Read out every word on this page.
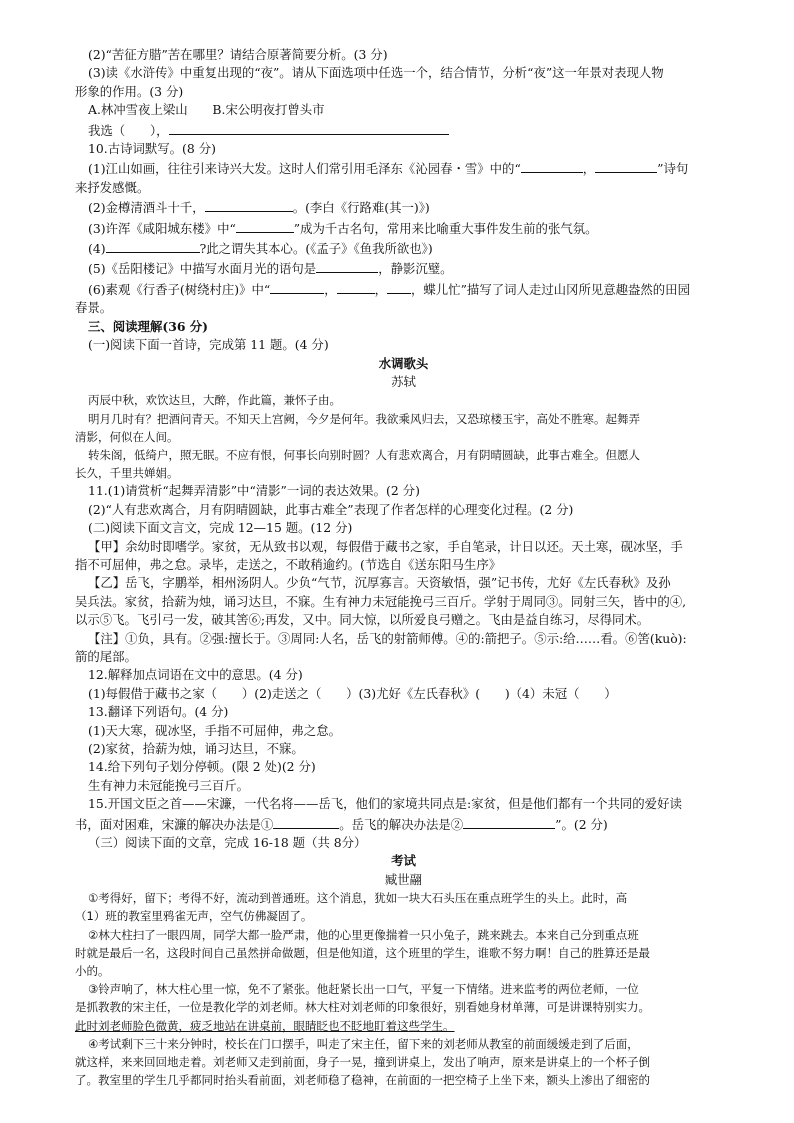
(2)“苦征方腊”苦在哪里？请结合原著简要分析。(3 分)

(3)读《水浒传》中重复出现的“夜”。请从下面选项中任选一个，结合情节，分析“夜”这一年景对表现人物

形象的作用。(3 分)

A.林冲雪夜上梁山　　B.宋公明夜打曾头市

我选（　　），

10.古诗词默写。(8 分)

(1)江山如画，往往引来诗兴大发。这时人们常引用毛泽东《沁园春・雪》中的“	，	”诗句

来抒发感慨。

(2)金樽清酒斗十千，	。(李白《行路难(其一)》)

(3)许浑《咸阳城东楼》中“	”成为千古名句，常用来比喻重大事件发生前的张气氛。

(4)	?此之谓失其本心。(《孟子》《鱼我所欲也》)

(5)《岳阳楼记》中描写水面月光的语句是	，静影沉璧。

(6)素观《行香子(树绕村庄)》中“	，	， ，蝶儿忙”描写了词人走过山冈所见意趣盎然的田园

春景。

三、阅读理解(36 分)

(一)阅读下面一首诗，完成第 11 题。(4 分)

水调歌头

苏轼

丙辰中秋，欢饮达旦，大醉，作此篇，兼怀子由。

明月几时有？把酒问青天。不知天上宫阙，今夕是何年。我欲乘风归去，又恐琼楼玉宇，高处不胜寒。起舞弄

清影，何似在人间。

转朱阁，低绮户，照无眠。不应有恨，何事长向别时圆？人有悲欢离合，月有阴晴圆缺，此事古难全。但愿人

长久，千里共婵娟。

11.(1)请赏析“起舞弄清影”中“清影”一词的表达效果。(2 分)

(2)“人有悲欢离合，月有阴晴圆缺，此事古难全”表现了作者怎样的心理变化过程。(2 分)

(二)阅读下面文言文，完成 12—15 题。(12 分)

【甲】余幼时即嗜学。家贫，无从致书以观，每假借于藏书之家，手自笔录，计日以还。天土寒，砚冰坚，手

指不可屈伸，弗之怠。录毕，走送之，不敢稍逾约。(节选自《送东阳马生序》

【乙】岳飞，字鹏举，相州汤阴人。少负“气节，沉厚寡言。天资敏悟，强”记书传，尤好《左氏春秋》及孙

吴兵法。家贫，拾薪为烛，诵习达旦，不寐。生有神力未冠能挽弓三百斤。学射于周同③。同射三矢，皆中的④,

以示⑤飞。飞引弓一发，破其筈⑥;再发，又中。同大惊，以所爱良弓赠之。飞由是益自练习，尽得同术。

【注】①负，具有。②强:擅长于。③周同:人名，岳飞的射箭师傅。④的:箭把子。⑤示:给……看。⑥筈(kuò):

箭的尾部。

12.解释加点词语在文中的意思。(4 分)

(1)每假借于藏书之家（　　）(2)走送之（　　）(3)尤好《左氏春秋》(　　)（4）未冠（　　）

13.翻译下列语句。(4 分)

(1)天大寒，砚冰坚，手指不可屈伸，弗之怠。

(2)家贫，拾薪为烛，诵习达旦，不寐。

14.给下列句子划分停顿。(限 2 处)(2 分)

生有神力未冠能挽弓三百斤。

15.开国文臣之首——宋濂，一代名将——岳飞，他们的家境共同点是:家贫，但是他们都有一个共同的爱好读

书，面对困难，宋濂的解决办法是①	。岳飞的解决办法是②	”。(2 分)

（三）阅读下面的文章，完成 16-18 题（共 8分）

考试

臧世翮

①考得好，留下；考得不好，流动到普通班。这个消息，犹如一块大石头压在重点班学生的头上。此时，高

（1）班的教室里鸦雀无声，空气仿佛凝固了。

②林大柱扫了一眼四周，同学大都一脸严肃，他的心里更像揣着一只小兔子，跳来跳去。本来自己分到重点班

时就是最后一名，这段时间自己虽然拼命做题，但是他知道，这个班里的学生，谁歌不努力啊！自己的胜算还是最

小的。

③铃声响了，林大柱心里一惊，免不了紧张。他赶紧长出一口气，平复一下情绪。进来监考的两位老师，一位

是抓教教的宋主任，一位是教化学的刘老师。林大柱对刘老师的印象很好，别看她身材单薄，可是讲课特别实力。

此时刘老师脸色微黄，疲乏地站在讲桌前，眼睛眨也不眨地盯着这些学生。

④考试剩下三十来分钟时，校长在门口摆手，叫走了宋主任，留下来的刘老师从教室的前面缓缓走到了后面，

就这样，来来回回地走着。刘老师又走到前面，身子一晃，撞到讲桌上，发出了响声，原来是讲桌上的一个杯子倒

了。教室里的学生几乎都同时抬头看前面，刘老师稳了稳神，在前面的一把空椅子上坐下来，额头上渗出了细密的
